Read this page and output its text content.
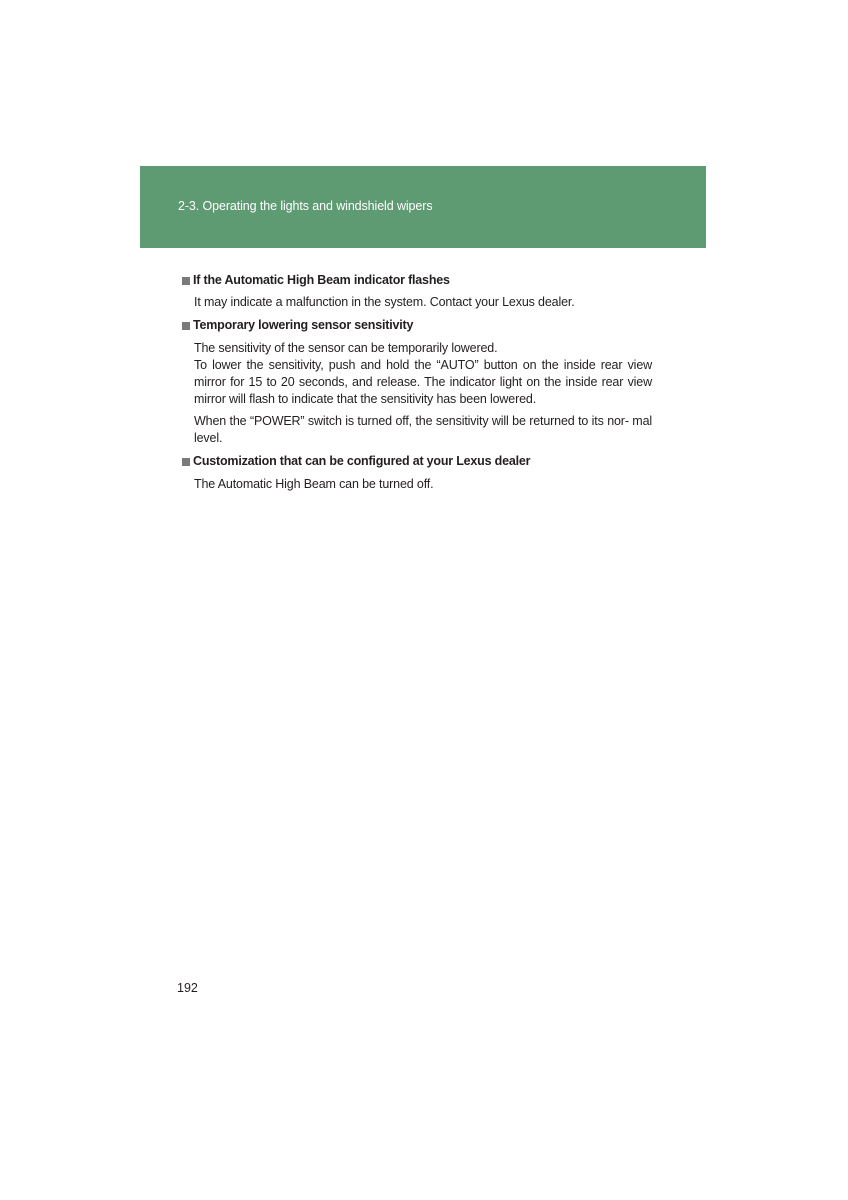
2-3. Operating the lights and windshield wipers
If the Automatic High Beam indicator flashes

It may indicate a malfunction in the system. Contact your Lexus dealer.

Temporary lowering sensor sensitivity

The sensitivity of the sensor can be temporarily lowered.

To lower the sensitivity, push and hold the “AUTO” button on the inside rear view mirror for 15 to 20 seconds, and release. The indicator light on the inside rear view mirror will flash to indicate that the sensitivity has been lowered.

When the “POWER” switch is turned off, the sensitivity will be returned to its nor- mal level.

Customization that can be configured at your Lexus dealer

The Automatic High Beam can be turned off.

192
